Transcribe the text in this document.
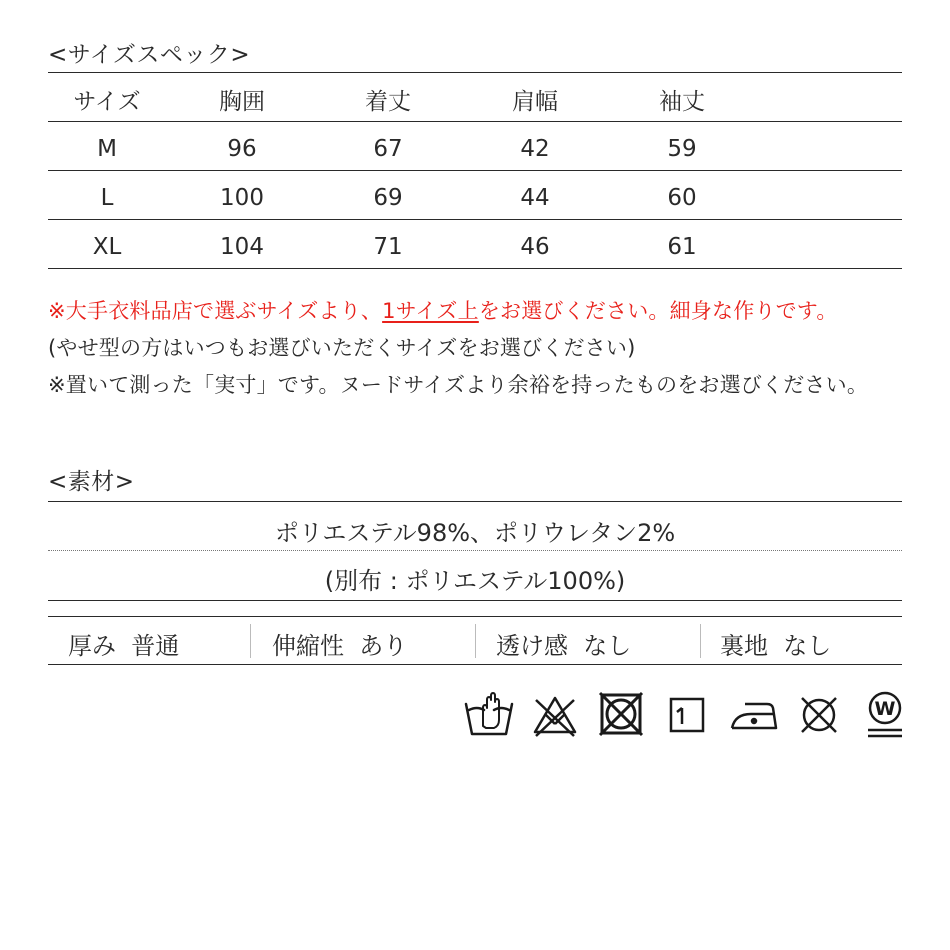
<サイズスペック>
サイズ	胸囲	着丈	肩幅	袖丈
M	96	67	42	59
L	100	69	44	60
XL	104	71	46	61
※大手衣料品店で選ぶサイズより、1サイズ上をお選びください。細身な作りです。
(やせ型の方はいつもお選びいただくサイズをお選びください)
※置いて測った「実寸」です。ヌードサイズより余裕を持ったものをお選びください。
<素材>
ポリエステル98%、ポリウレタン2%
(別布 : ポリエステル100%)
厚み 普通	伸縮性 あり	透け感 なし	裏地 なし
W
